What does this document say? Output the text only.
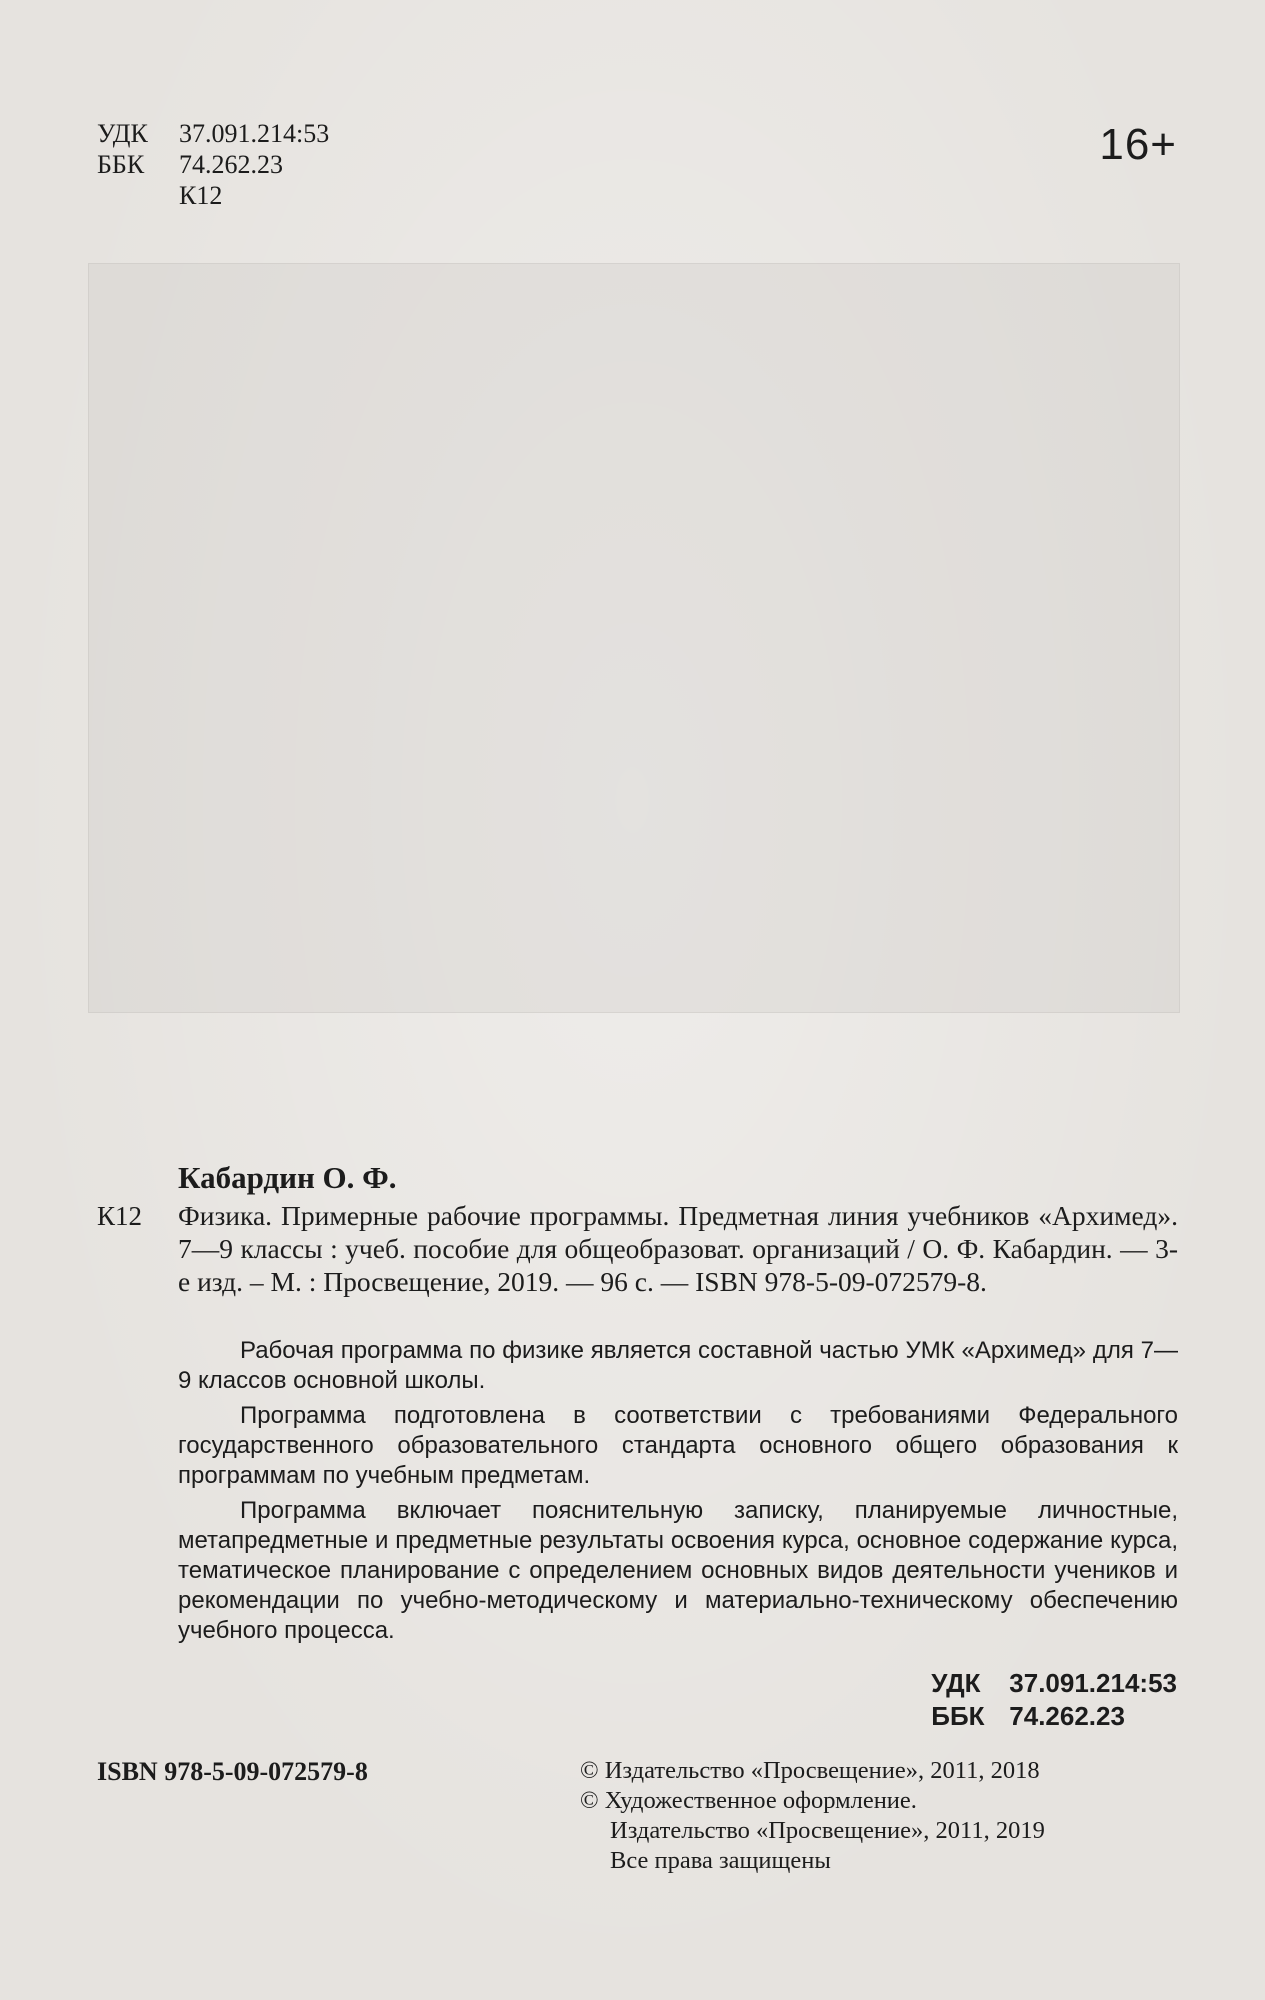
УДК 37.091.214:53
ББК 74.262.23
К12
16+
Кабардин О. Ф.
К12 Физика. Примерные рабочие программы. Предметная линия учебников «Архимед». 7—9 классы : учеб. пособие для общеобразоват. организаций / О. Ф. Кабардин. — 3-е изд. – М. : Просвещение, 2019. — 96 с. — ISBN 978-5-09-072579-8.
Рабочая программа по физике является составной частью УМК «Архимед» для 7—9 классов основной школы.
Программа подготовлена в соответствии с требованиями Федерального государственного образовательного стандарта основного общего образования к программам по учебным предметам.
Программа включает пояснительную записку, планируемые личностные, метапредметные и предметные результаты освоения курса, основное содержание курса, тематическое планирование с определением основных видов деятельности учеников и рекомендации по учебно-методическому и материально-техническому обеспечению учебного процесса.
УДК 37.091.214:53
ББК 74.262.23
ISBN 978-5-09-072579-8	© Издательство «Просвещение», 2011, 2018
© Художественное оформление.
Издательство «Просвещение», 2011, 2019
Все права защищены
